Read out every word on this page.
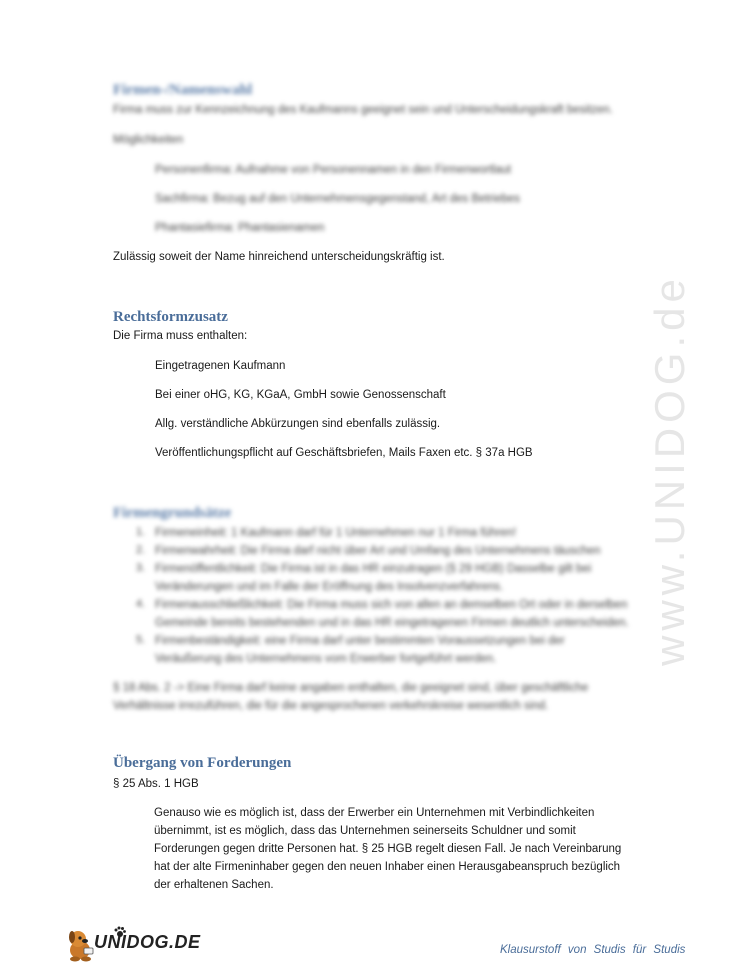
Firmen-/Namenswahl

Firma muss zur Kennzeichnung des Kaufmanns geeignet sein und Unterscheidungskraft besitzen.

Möglichkeiten

Personenfirma: Aufnahme von Personennamen in den Firmenwortlaut

Sachfirma: Bezug auf den Unternehmensgegenstand, Art des Betriebes

Phantasiefirma: Phantasienamen

Zulässig soweit der Name hinreichend unterscheidungskräftig ist.

Rechtsformzusatz

Die Firma muss enthalten:

Eingetragenen Kaufmann

Bei einer oHG, KG, KGaA, GmbH sowie Genossenschaft

Allg. verständliche Abkürzungen sind ebenfalls zulässig.

Veröffentlichungspflicht auf Geschäftsbriefen, Mails Faxen etc. § 37a HGB

Firmengrundsätze
1. Firmeneinheit: 1 Kaufmann darf für 1 Unternehmen nur 1 Firma führen!

2. Firmenwahrheit: Die Firma darf nicht über Art und Umfang des Unternehmens täuschen

3. Firmenöffentlichkeit: Die Firma ist in das HR einzutragen (§ 29 HGB) Dasselbe gilt bei

Veränderungen und im Falle der Eröffnung des Insolvenzverfahrens.

4. Firmenausschließlichkeit: Die Firma muss sich von allen an demselben Ort oder in derselben

Gemeinde bereits bestehenden und in das HR eingetragenen Firmen deutlich unterscheiden.

5. Firmenbeständigkeit: eine Firma darf unter bestimmten Voraussetzungen bei der

Veräußerung des Unternehmens vom Erwerber fortgeführt werden.

§ 18 Abs. 2 -> Eine Firma darf keine angaben enthalten, die geeignet sind, über geschäftliche

Verhältnisse irrezuführen, die für die angesprochenen verkehrskreise wesentlich sind.

Übergang von Forderungen

§ 25 Abs. 1 HGB

Genauso wie es möglich ist, dass der Erwerber ein Unternehmen mit Verbindlichkeiten übernimmt, ist es möglich, dass das Unternehmen seinerseits Schuldner und somit Forderungen gegen dritte Personen hat. § 25 HGB regelt diesen Fall. Je nach Vereinbarung hat der alte Firmeninhaber gegen den neuen Inhaber einen Herausgabeanspruch bezüglich der erhaltenen Sachen.

www.UNIDOG.de
UNIDOG.DE	Klausurstoff von Studis für Studis
